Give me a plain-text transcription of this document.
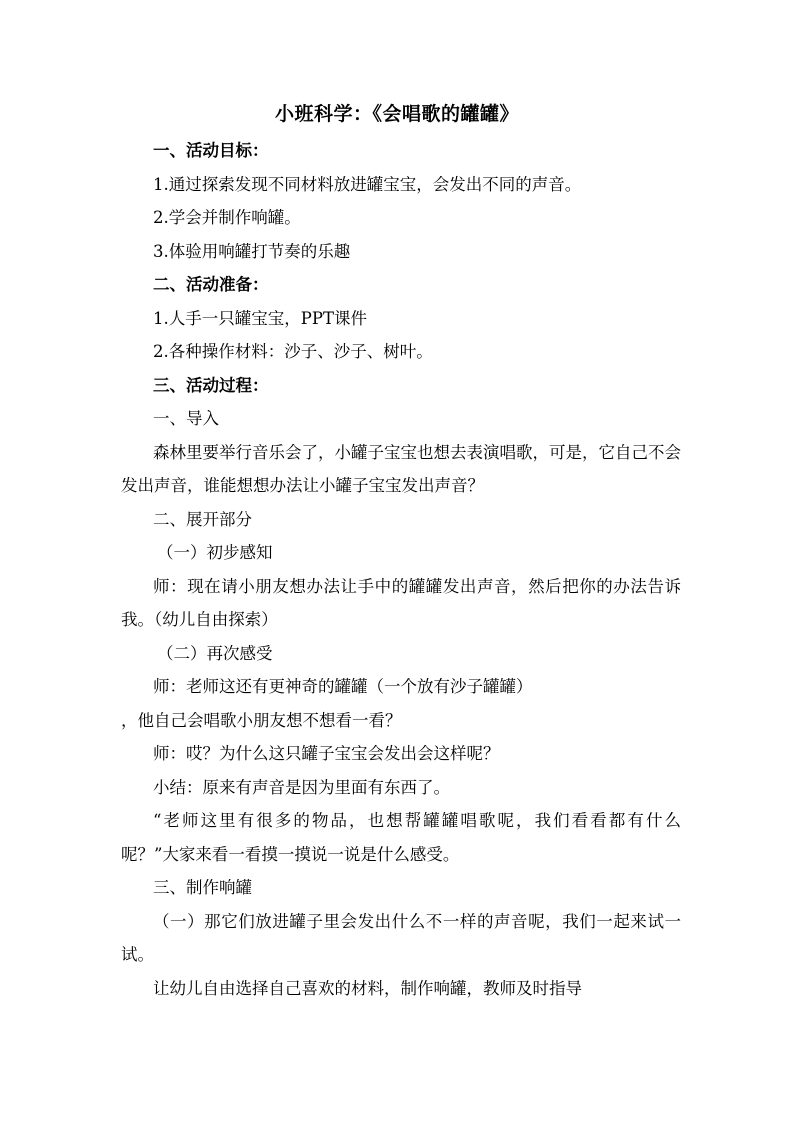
小班科学：《会唱歌的罐罐》

一、活动目标：

1.通过探索发现不同材料放进罐宝宝，会发出不同的声音。

2.学会并制作响罐。

3.体验用响罐打节奏的乐趣

二、活动准备：

1.人手一只罐宝宝，PPT课件

2.各种操作材料：沙子、沙子、树叶。

三、活动过程：

一、导入

森林里要举行音乐会了，小罐子宝宝也想去表演唱歌，可是，它自己不会发出声音，谁能想想办法让小罐子宝宝发出声音？

二、展开部分

（一）初步感知

师：现在请小朋友想办法让手中的罐罐发出声音，然后把你的办法告诉我。（幼儿自由探索）

（二）再次感受

师：老师这还有更神奇的罐罐（一个放有沙子罐罐）

，他自己会唱歌小朋友想不想看一看？

师：哎？为什么这只罐子宝宝会发出会这样呢？

小结：原来有声音是因为里面有东西了。

“老师这里有很多的物品，也想帮罐罐唱歌呢，我们看看都有什么呢？”大家来看一看摸一摸说一说是什么感受。

三、制作响罐

（一）那它们放进罐子里会发出什么不一样的声音呢，我们一起来试一试。

让幼儿自由选择自己喜欢的材料，制作响罐，教师及时指导
